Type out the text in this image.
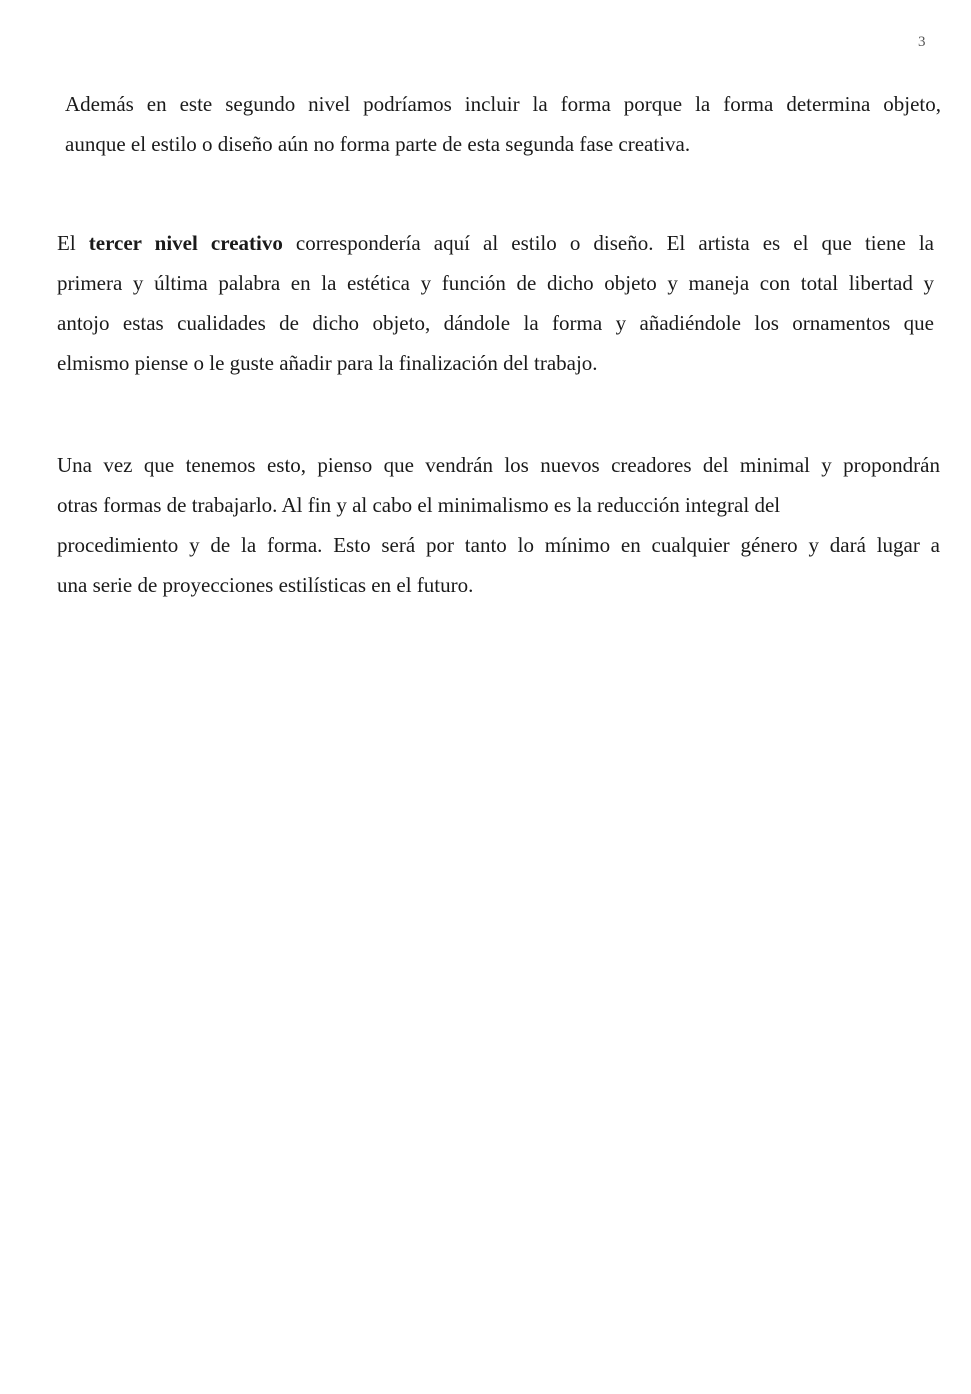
3

Además en este segundo nivel podríamos incluir la forma porque la forma determina objeto,
aunque el estilo o diseño aún no forma parte de esta segunda fase creativa.

El tercer nivel creativo correspondería aquí al estilo o diseño. El artista es el que tiene la
primera y última palabra en la estética y función de dicho objeto y maneja con total libertad y
antojo estas cualidades de dicho objeto, dándole la forma y añadiéndole los ornamentos que
elmismo piense o le guste añadir para la finalización del trabajo.

Una vez que tenemos esto, pienso que vendrán los nuevos creadores del minimal y propondrán
otras formas de trabajarlo. Al fin y al cabo el minimalismo es la reducción integral del
procedimiento y de la forma. Esto será por tanto lo mínimo en cualquier género y dará lugar a
una serie de proyecciones estilísticas en el futuro.
